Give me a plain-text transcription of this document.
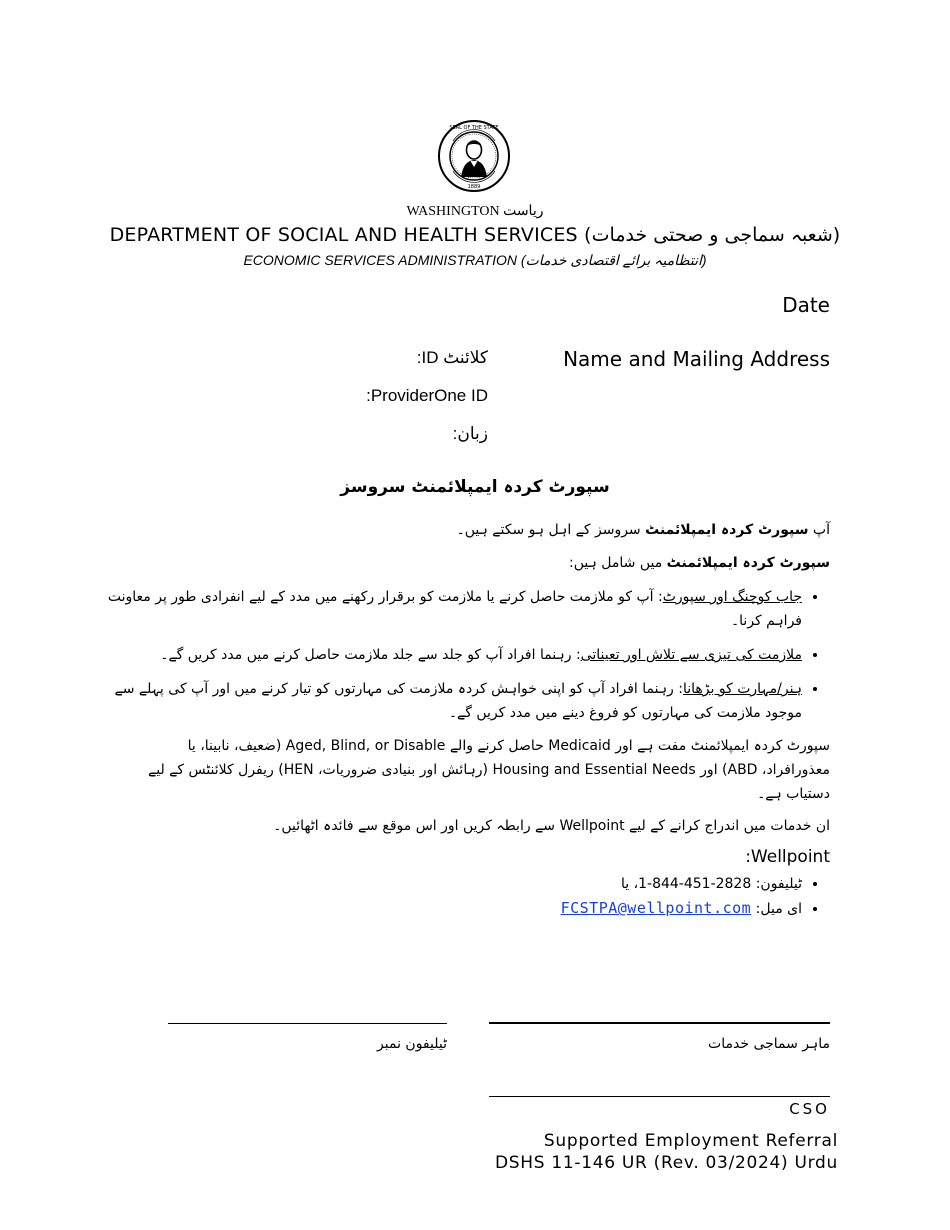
SEAL OF THE STATE
1889
WASHINGTON ریاست
DEPARTMENT OF SOCIAL AND HEALTH SERVICES (شعبہ سماجی و صحتی خدمات)
ECONOMIC SERVICES ADMINISTRATION (انتظامیہ برائے اقتصادی خدمات)
Date
Name and Mailing Address
کلائنٹ ID:
ProviderOne ID:
زبان:
سپورٹ کردہ ایمپلائمنٹ سروسز
آپ سپورٹ کردہ ایمپلائمنٹ سروسز کے اہل ہو سکتے ہیں۔
سپورٹ کردہ ایمپلائمنٹ میں شامل ہیں:
• جاب کوچنگ اور سپورٹ: آپ کو ملازمت حاصل کرنے یا ملازمت کو برقرار رکھنے میں مدد کے لیے انفرادی طور پر معاونت فراہم کرنا۔
• ملازمت کی تیزی سے تلاش اور تعیناتی: رہنما افراد آپ کو جلد سے جلد ملازمت حاصل کرنے میں مدد کریں گے۔
• ہنر/مہارت کو بڑھانا: رہنما افراد آپ کو اپنی خواہش کردہ ملازمت کی مہارتوں کو تیار کرنے میں اور آپ کی پہلے سے موجود ملازمت کی مہارتوں کو فروغ دینے میں مدد کریں گے۔
سپورٹ کردہ ایمپلائمنٹ مفت ہے اور Medicaid حاصل کرنے والے Aged, Blind, or Disable (ضعیف، نابینا، یا معذورافراد، ABD) اور Housing and Essential Needs (رہائش اور بنیادی ضروریات، HEN) ریفرل کلائنٹس کے لیے دستیاب ہے۔
ان خدمات میں اندراج کرانے کے لیے Wellpoint سے رابطہ کریں اور اس موقع سے فائدہ اٹھائیں۔
Wellpoint:
• ٹیلیفون: 1-844-451-2828، یا
• ای میل: FCSTPA@wellpoint.com
ٹیلیفون نمبر	ماہر سماجی خدمات
CSO
Supported Employment Referral
DSHS 11-146 UR (Rev. 03/2024) Urdu
